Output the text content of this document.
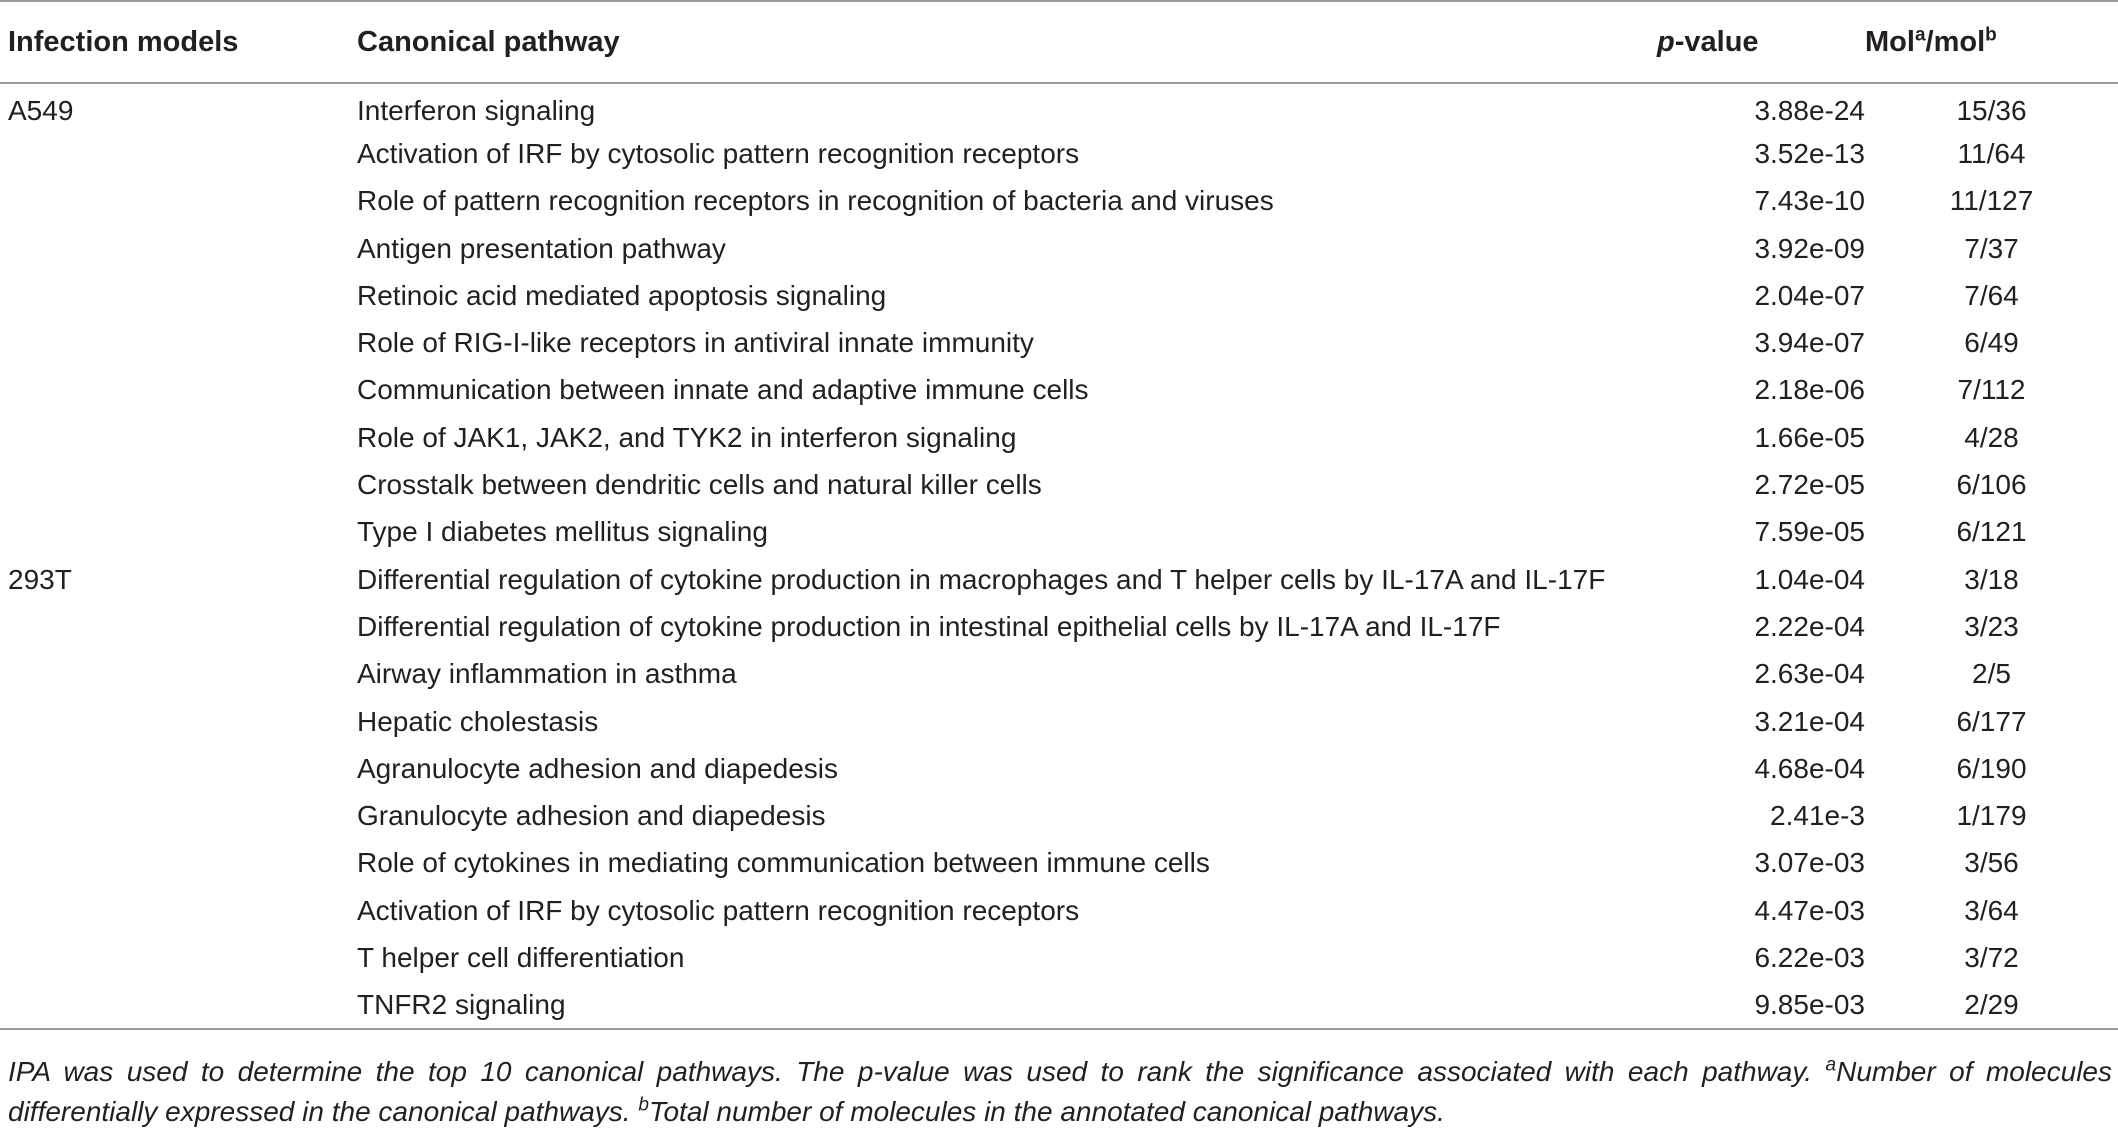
Infection models	Canonical pathway	p-value	Mol$^a$/mol$^b$
A549	Interferon signaling	3.88e-24	15/36
	Activation of IRF by cytosolic pattern recognition receptors	3.52e-13	11/64
	Role of pattern recognition receptors in recognition of bacteria and viruses	7.43e-10	11/127
	Antigen presentation pathway	3.92e-09	7/37
	Retinoic acid mediated apoptosis signaling	2.04e-07	7/64
	Role of RIG-I-like receptors in antiviral innate immunity	3.94e-07	6/49
	Communication between innate and adaptive immune cells	2.18e-06	7/112
	Role of JAK1, JAK2, and TYK2 in interferon signaling	1.66e-05	4/28
	Crosstalk between dendritic cells and natural killer cells	2.72e-05	6/106
	Type I diabetes mellitus signaling	7.59e-05	6/121
293T	Differential regulation of cytokine production in macrophages and T helper cells by IL-17A and IL-17F	1.04e-04	3/18
	Differential regulation of cytokine production in intestinal epithelial cells by IL-17A and IL-17F	2.22e-04	3/23
	Airway inflammation in asthma	2.63e-04	2/5
	Hepatic cholestasis	3.21e-04	6/177
	Agranulocyte adhesion and diapedesis	4.68e-04	6/190
	Granulocyte adhesion and diapedesis	2.41e-3	1/179
	Role of cytokines in mediating communication between immune cells	3.07e-03	3/56
	Activation of IRF by cytosolic pattern recognition receptors	4.47e-03	3/64
	T helper cell differentiation	6.22e-03	3/72
	TNFR2 signaling	9.85e-03	2/29
IPA was used to determine the top 10 canonical pathways. The p-value was used to rank the significance associated with each pathway. $^a$Number of molecules differentially expressed in the canonical pathways. $^b$Total number of molecules in the annotated canonical pathways.
